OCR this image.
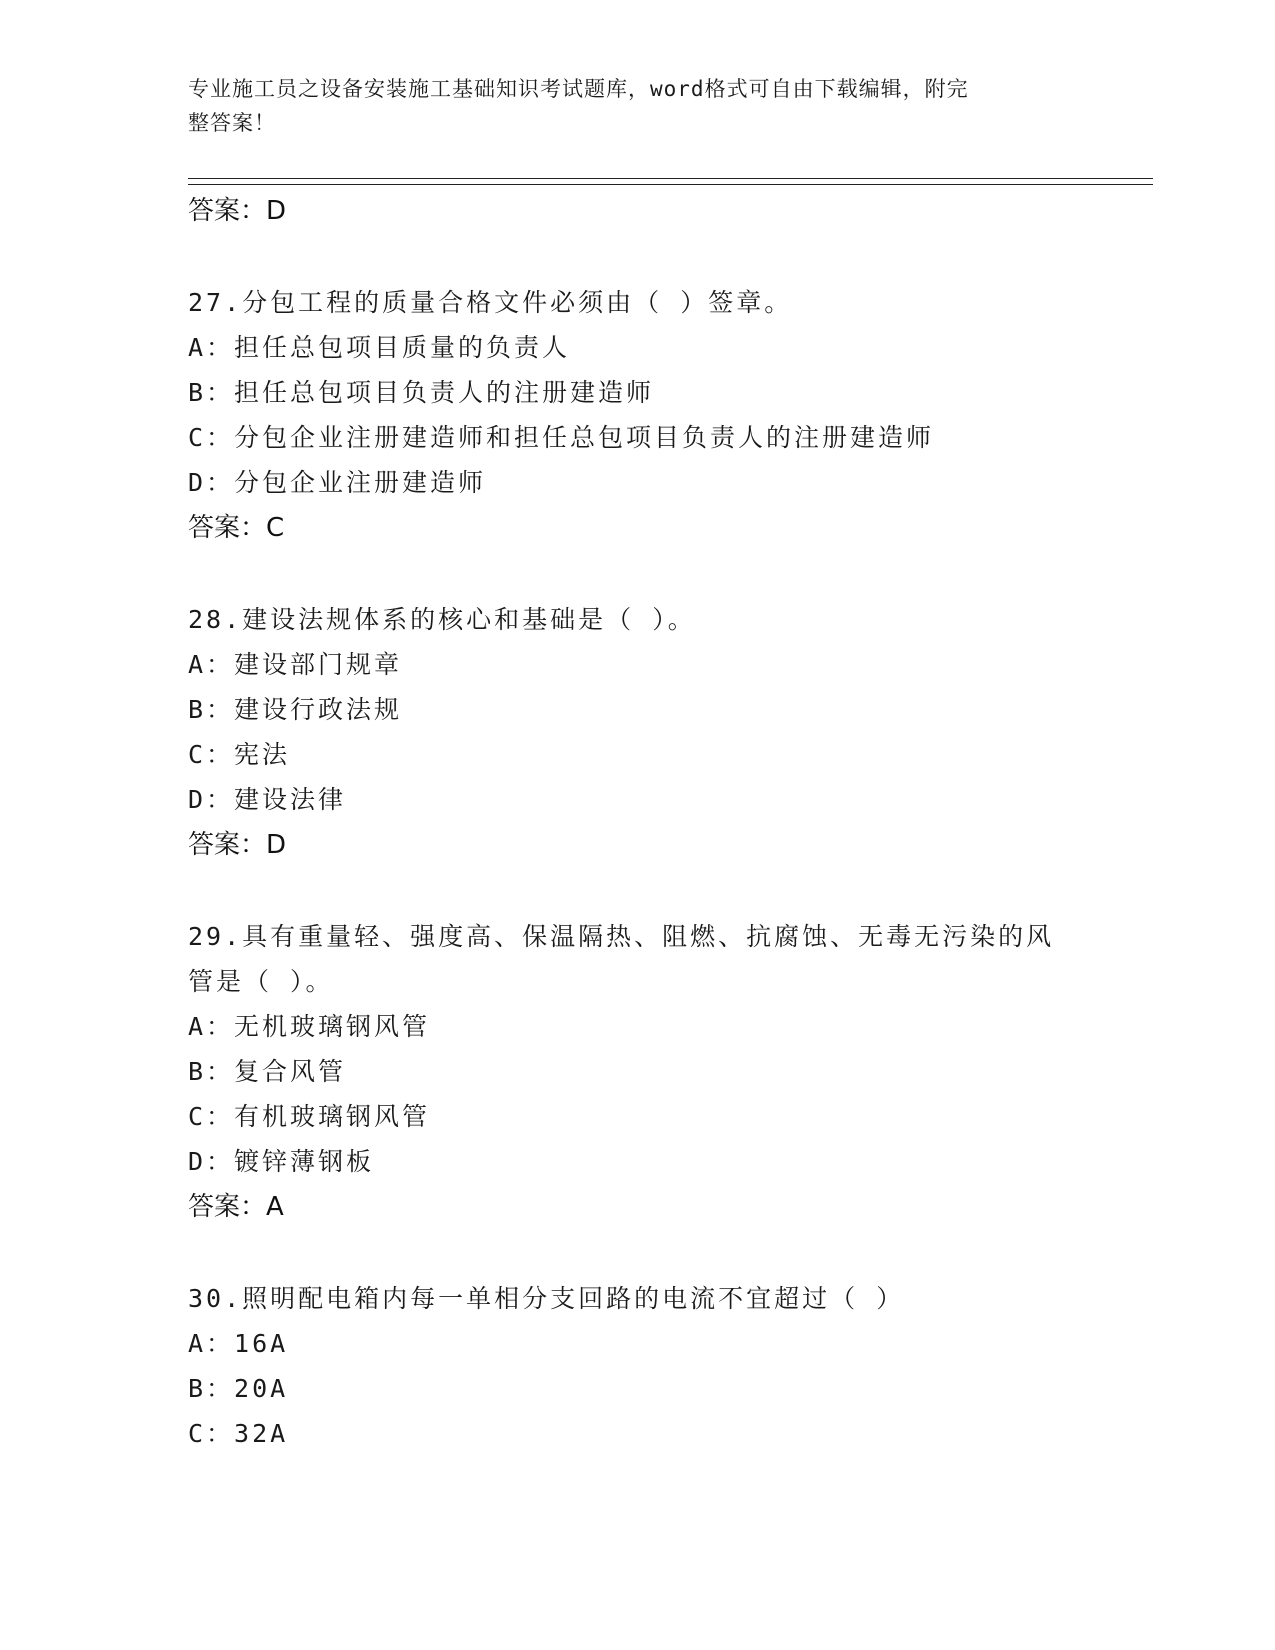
专业施工员之设备安装施工基础知识考试题库，word格式可自由下载编辑，附完
整答案！
答案：D
27.分包工程的质量合格文件必须由（ ）签章。
A：担任总包项目质量的负责人
B：担任总包项目负责人的注册建造师
C：分包企业注册建造师和担任总包项目负责人的注册建造师
D：分包企业注册建造师
答案：C
28.建设法规体系的核心和基础是（ ）。
A：建设部门规章
B：建设行政法规
C：宪法
D：建设法律
答案：D
29.具有重量轻、强度高、保温隔热、阻燃、抗腐蚀、无毒无污染的风
管是（ ）。
A：无机玻璃钢风管
B：复合风管
C：有机玻璃钢风管
D：镀锌薄钢板
答案：A
30.照明配电箱内每一单相分支回路的电流不宜超过（ ）
A：16A
B：20A
C：32A
